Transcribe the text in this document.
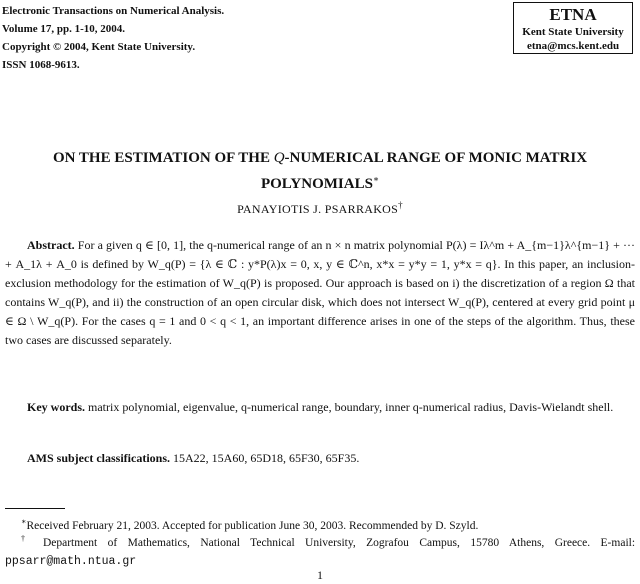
Electronic Transactions on Numerical Analysis.
Volume 17, pp. 1-10, 2004.
Copyright © 2004, Kent State University.
ISSN 1068-9613.
ETNA
Kent State University
etna@mcs.kent.edu
ON THE ESTIMATION OF THE Q-NUMERICAL RANGE OF MONIC MATRIX
POLYNOMIALS∗
PANAYIOTIS J. PSARRAKOS†
Abstract. For a given q ∈ [0, 1], the q-numerical range of an n × n matrix polynomial P(λ) = Iλ^m + A_{m−1}λ^{m−1} + ··· + A_1λ + A_0 is defined by W_q(P) = {λ ∈ ℂ : y*P(λ)x = 0, x, y ∈ ℂ^n, x*x = y*y = 1, y*x = q}. In this paper, an inclusion-exclusion methodology for the estimation of W_q(P) is proposed. Our approach is based on i) the discretization of a region Ω that contains W_q(P), and ii) the construction of an open circular disk, which does not intersect W_q(P), centered at every grid point μ ∈ Ω \ W_q(P). For the cases q = 1 and 0 < q < 1, an important difference arises in one of the steps of the algorithm. Thus, these two cases are discussed separately.
Key words. matrix polynomial, eigenvalue, q-numerical range, boundary, inner q-numerical radius, Davis-Wielandt shell.
AMS subject classifications. 15A22, 15A60, 65D18, 65F30, 65F35.
∗Received February 21, 2003. Accepted for publication June 30, 2003. Recommended by D. Szyld.
† Department of Mathematics, National Technical University, Zografou Campus, 15780 Athens, Greece. E-mail: ppsarr@math.ntua.gr
1
